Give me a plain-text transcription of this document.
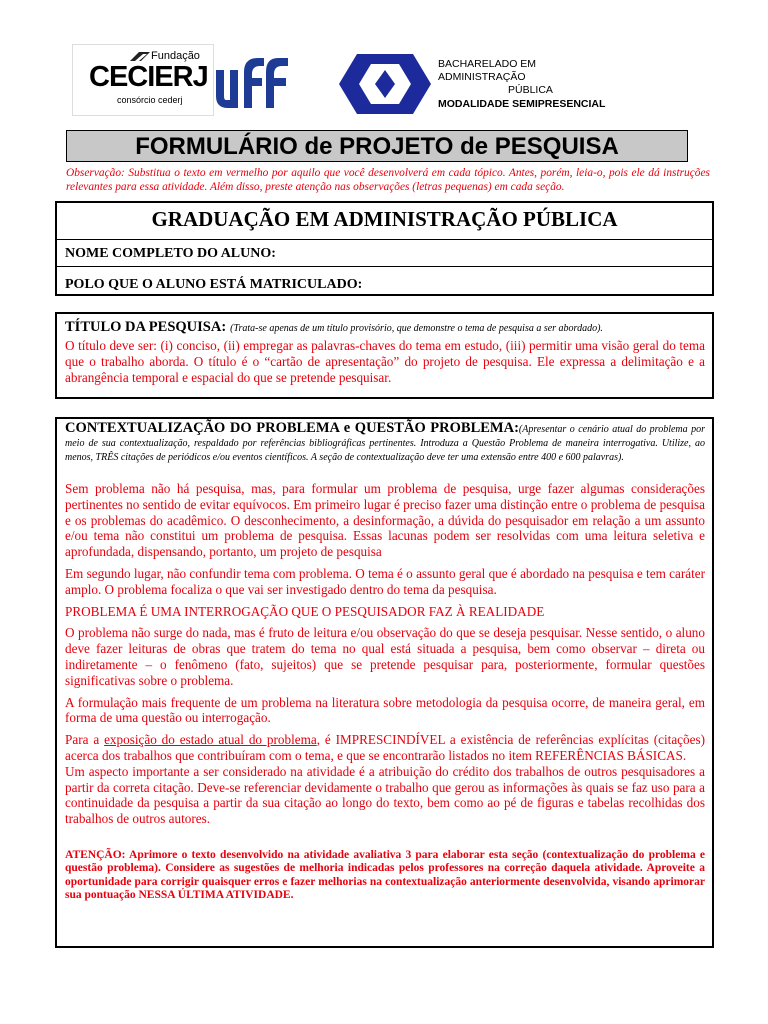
Fundação
CECIERJ
consórcio cederj
BACHARELADO EM ADMINISTRAÇÃO
PÚBLICA
MODALIDADE SEMIPRESENCIAL
FORMULÁRIO de PROJETO de PESQUISA
Observação: Substitua o texto em vermelho por aquilo que você desenvolverá em cada tópico. Antes, porém, leia-o, pois ele dá instruções relevantes para essa atividade. Além disso, preste atenção nas observações (letras pequenas) em cada seção.
GRADUAÇÃO EM ADMINISTRAÇÃO PÚBLICA
NOME COMPLETO DO ALUNO:
POLO QUE O ALUNO ESTÁ MATRICULADO:
TÍTULO DA PESQUISA: (Trata-se apenas de um título provisório, que demonstre o tema de pesquisa a ser abordado).
O título deve ser: (i) conciso, (ii) empregar as palavras-chaves do tema em estudo, (iii) permitir uma visão geral do tema que o trabalho aborda. O título é o “cartão de apresentação” do projeto de pesquisa. Ele expressa a delimitação e a abrangência temporal e espacial do que se pretende pesquisar.
CONTEXTUALIZAÇÃO DO PROBLEMA e QUESTÃO PROBLEMA:(Apresentar o cenário atual do problema por meio de sua contextualização, respaldado por referências bibliográficas pertinentes. Introduza a Questão Problema de maneira interrogativa. Utilize, ao menos, TRÊS citações de periódicos e/ou eventos científicos. A seção de contextualização deve ter uma extensão entre 400 e 600 palavras).

Sem problema não há pesquisa, mas, para formular um problema de pesquisa, urge fazer algumas considerações pertinentes no sentido de evitar equívocos. Em primeiro lugar é preciso fazer uma distinção entre o problema de pesquisa e os problemas do acadêmico. O desconhecimento, a desinformação, a dúvida do pesquisador em relação a um assunto e/ou tema não constitui um problema de pesquisa. Essas lacunas podem ser resolvidas com uma leitura seletiva e aprofundada, dispensando, portanto, um projeto de pesquisa

Em segundo lugar, não confundir tema com problema. O tema é o assunto geral que é abordado na pesquisa e tem caráter amplo. O problema focaliza o que vai ser investigado dentro do tema da pesquisa.

PROBLEMA É UMA INTERROGAÇÃO QUE O PESQUISADOR FAZ À REALIDADE

O problema não surge do nada, mas é fruto de leitura e/ou observação do que se deseja pesquisar. Nesse sentido, o aluno deve fazer leituras de obras que tratem do tema no qual está situada a pesquisa, bem como observar – direta ou indiretamente – o fenômeno (fato, sujeitos) que se pretende pesquisar para, posteriormente, formular questões significativas sobre o problema.

A formulação mais frequente de um problema na literatura sobre metodologia da pesquisa ocorre, de maneira geral, em forma de uma questão ou interrogação.

Para a exposição do estado atual do problema, é IMPRESCINDÍVEL a existência de referências explícitas (citações) acerca dos trabalhos que contribuíram com o tema, e que se encontrarão listados no item REFERÊNCIAS BÁSICAS.

Um aspecto importante a ser considerado na atividade é a atribuição do crédito dos trabalhos de outros pesquisadores a partir da correta citação. Deve-se referenciar devidamente o trabalho que gerou as informações às quais se faz uso para a continuidade da pesquisa a partir da sua citação ao longo do texto, bem como ao pé de figuras e tabelas recolhidas dos trabalhos de outros autores.

ATENÇÃO: Aprimore o texto desenvolvido na atividade avaliativa 3 para elaborar esta seção (contextualização do problema e questão problema). Considere as sugestões de melhoria indicadas pelos professores na correção daquela atividade. Aproveite a oportunidade para corrigir quaisquer erros e fazer melhorias na contextualização anteriormente desenvolvida, visando aprimorar sua pontuação NESSA ÚLTIMA ATIVIDADE.
